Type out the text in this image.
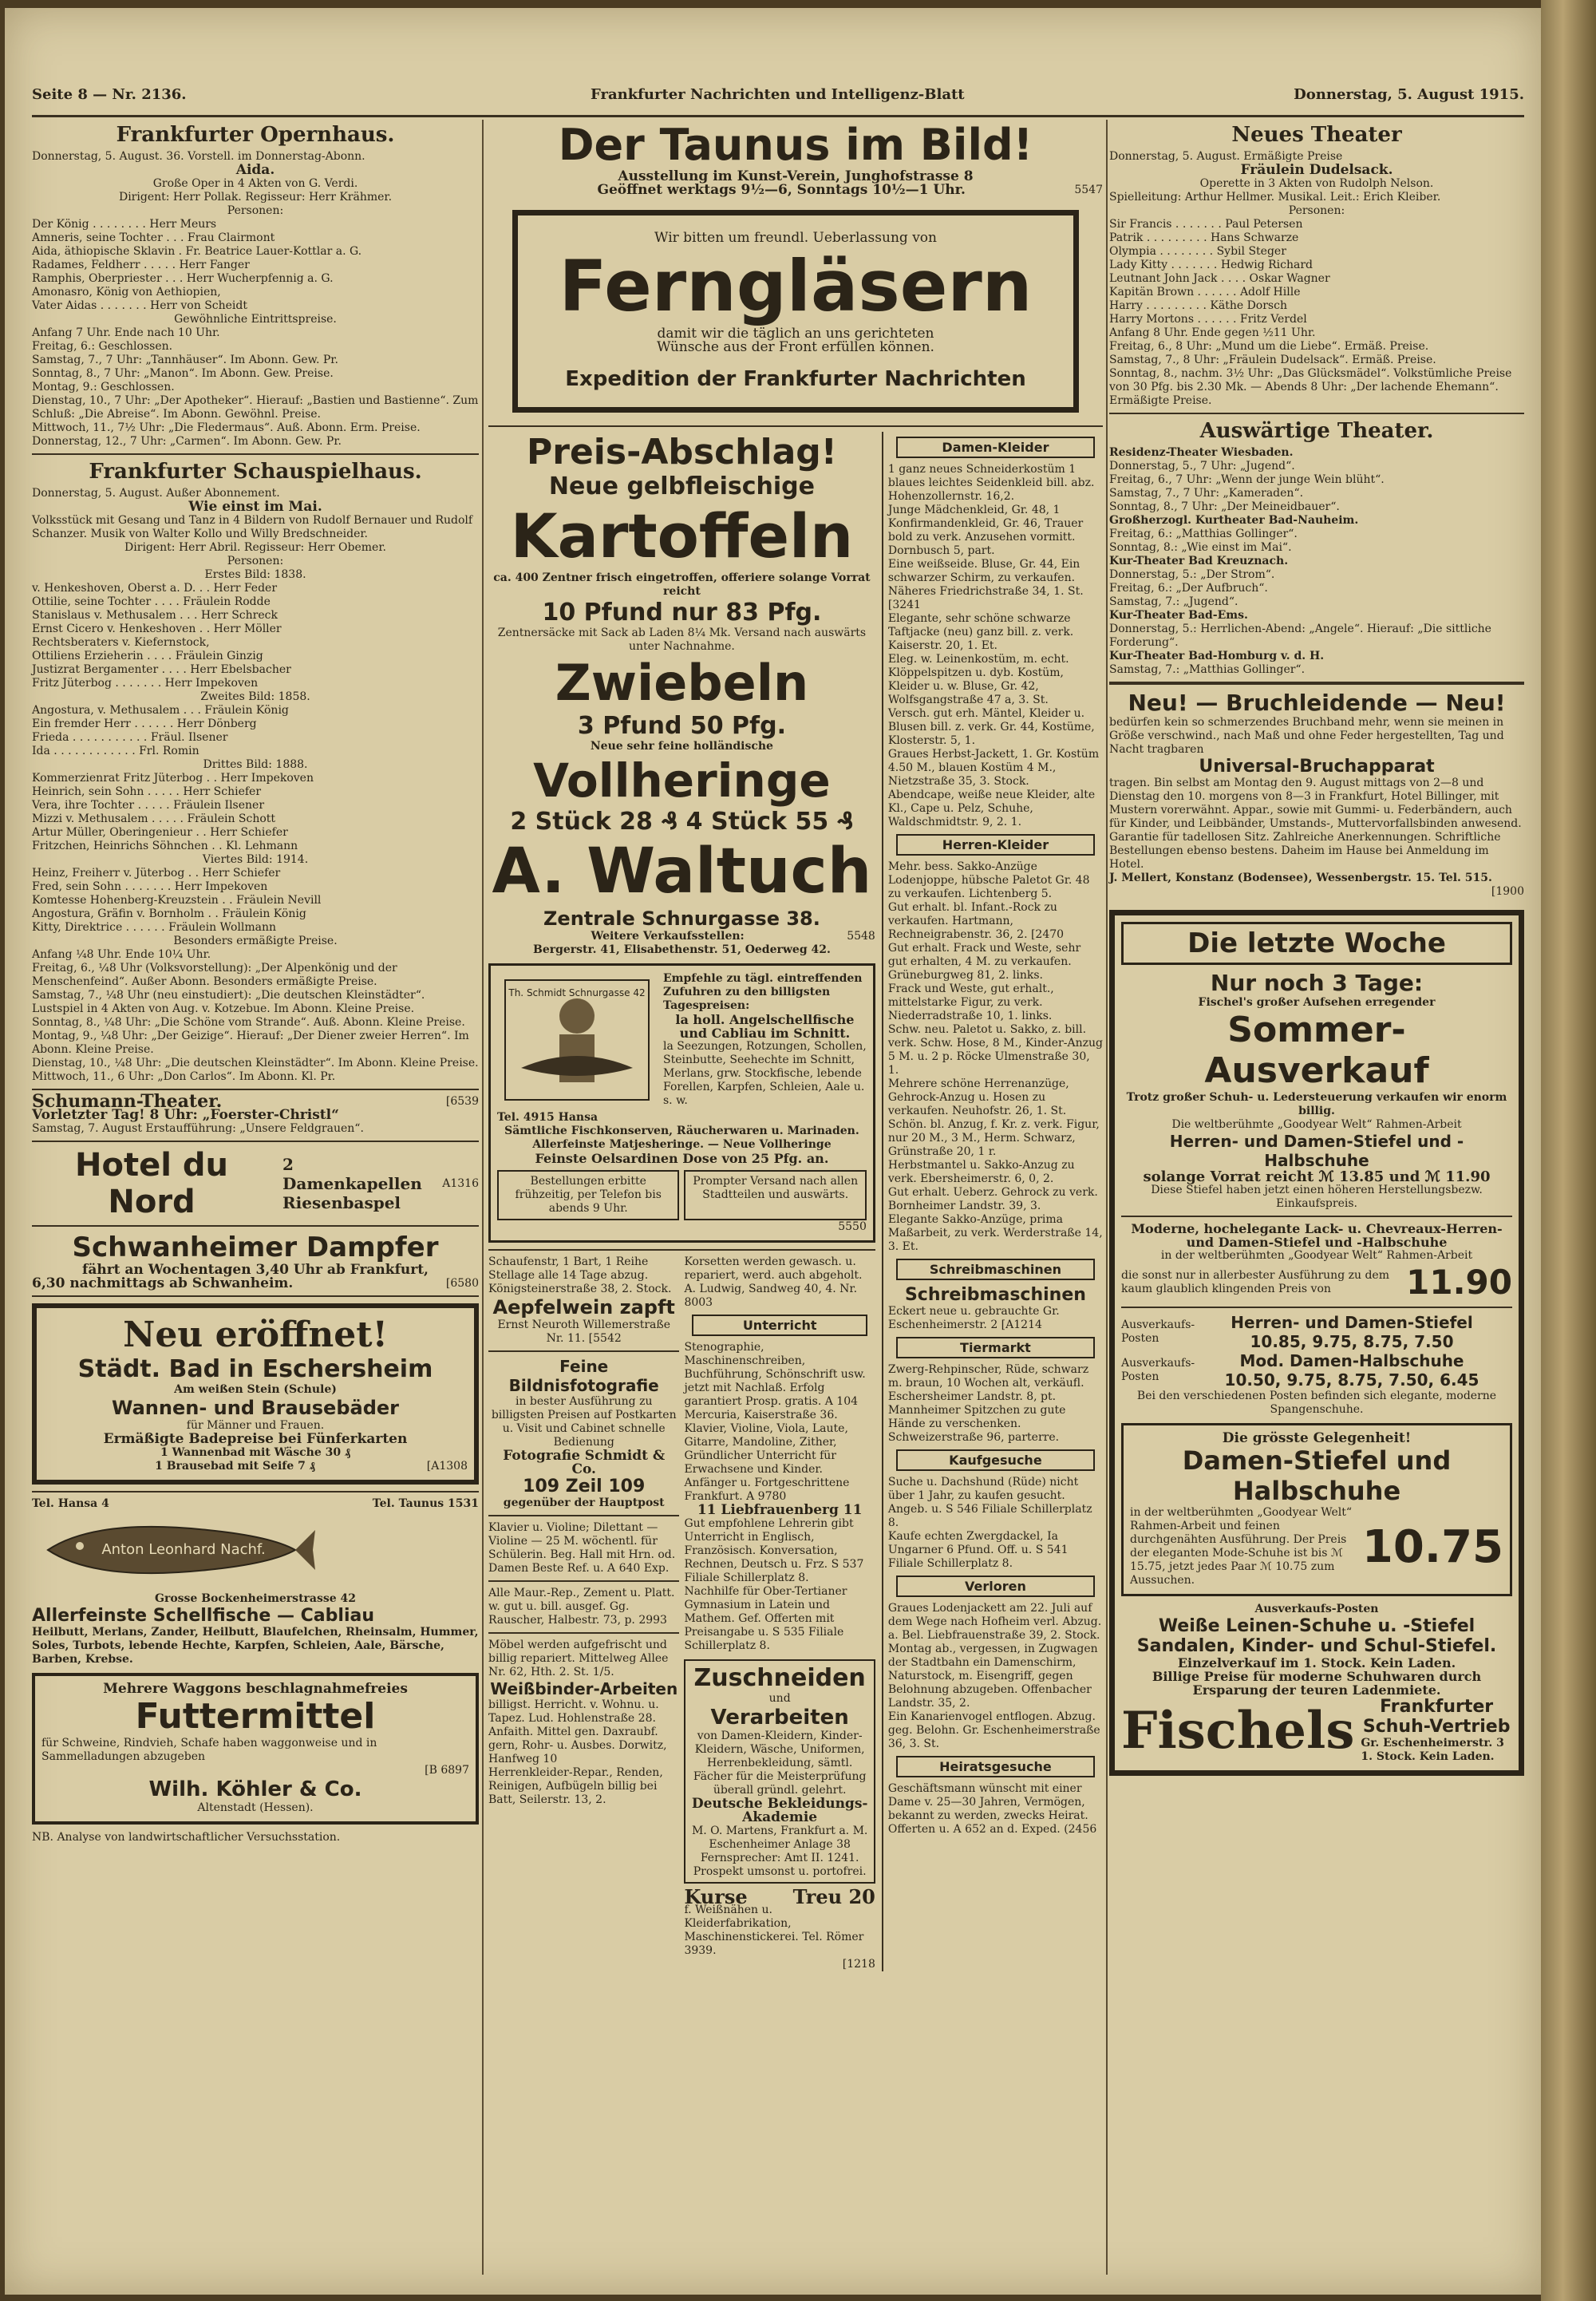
Seite 8 — Nr. 2136.	Frankfurter Nachrichten und Intelligenz-Blatt	Donnerstag, 5. August 1915.
Frankfurter Opernhaus.
Donnerstag, 5. August. 36. Vorstell. im Donnerstag-Abonn.
Aida.
Große Oper in 4 Akten von G. Verdi.
Dirigent: Herr Pollak. Regisseur: Herr Krähmer.
Personen:
Der König . . . . . . . . Herr Meurs
Amneris, seine Tochter . . . Frau Clairmont
Aida, äthiopische Sklavin . Fr. Beatrice Lauer-Kottlar a. G.
Radames, Feldherr . . . . . Herr Fanger
Ramphis, Oberpriester . . . Herr Wucherpfennig a. G.
Amonasro, König von Aethiopien,
Vater Aidas . . . . . . . Herr von Scheidt
Gewöhnliche Eintrittspreise.
Anfang 7 Uhr. Ende nach 10 Uhr.
Freitag, 6.: Geschlossen.
Samstag, 7., 7 Uhr: „Tannhäuser“. Im Abonn. Gew. Pr.
Sonntag, 8., 7 Uhr: „Manon“. Im Abonn. Gew. Preise.
Montag, 9.: Geschlossen.
Dienstag, 10., 7 Uhr: „Der Apotheker“. Hierauf: „Bastien und Bastienne“. Zum Schluß: „Die Abreise“. Im Abonn. Gewöhnl. Preise.
Mittwoch, 11., 7½ Uhr: „Die Fledermaus“. Auß. Abonn. Erm. Preise.
Donnerstag, 12., 7 Uhr: „Carmen“. Im Abonn. Gew. Pr.
Frankfurter Schauspielhaus.
Donnerstag, 5. August. Außer Abonnement.
Wie einst im Mai.
Volksstück mit Gesang und Tanz in 4 Bildern von Rudolf Bernauer und Rudolf Schanzer. Musik von Walter Kollo und Willy Bredschneider.
Dirigent: Herr Abril. Regisseur: Herr Obemer.
Personen:
Erstes Bild: 1838.
v. Henkeshoven, Oberst a. D. . . Herr Feder
Ottilie, seine Tochter . . . . Fräulein Rodde
Stanislaus v. Methusalem . . . Herr Schreck
Ernst Cicero v. Henkeshoven . . Herr Möller
Rechtsberaters v. Kiefernstock,
Ottiliens Erzieherin . . . . Fräulein Ginzig
Justizrat Bergamenter . . . . Herr Ebelsbacher
Fritz Jüterbog . . . . . . . Herr Impekoven
Zweites Bild: 1858.
Angostura, v. Methusalem . . . Fräulein König
Ein fremder Herr . . . . . . Herr Dönberg
Frieda . . . . . . . . . . . Fräul. Ilsener
Ida . . . . . . . . . . . . Frl. Romin
Drittes Bild: 1888.
Kommerzienrat Fritz Jüterbog . . Herr Impekoven
Heinrich, sein Sohn . . . . . Herr Schiefer
Vera, ihre Tochter . . . . . Fräulein Ilsener
Mizzi v. Methusalem . . . . . Fräulein Schott
Artur Müller, Oberingenieur . . Herr Schiefer
Fritzchen, Heinrichs Söhnchen . . Kl. Lehmann
Viertes Bild: 1914.
Heinz, Freiherr v. Jüterbog . . Herr Schiefer
Fred, sein Sohn . . . . . . . Herr Impekoven
Komtesse Hohenberg-Kreuzstein . . Fräulein Nevill
Angostura, Gräfin v. Bornholm . . Fräulein König
Kitty, Direktrice . . . . . . Fräulein Wollmann
Besonders ermäßigte Preise.
Anfang ¼8 Uhr. Ende 10¼ Uhr.
Freitag, 6., ¼8 Uhr (Volksvorstellung): „Der Alpenkönig und der Menschenfeind“. Außer Abonn. Besonders ermäßigte Preise.
Samstag, 7., ¼8 Uhr (neu einstudiert): „Die deutschen Kleinstädter“. Lustspiel in 4 Akten von Aug. v. Kotzebue. Im Abonn. Kleine Preise.
Sonntag, 8., ¼8 Uhr: „Die Schöne vom Strande“. Auß. Abonn. Kleine Preise.
Montag, 9., ¼8 Uhr: „Der Geizige“. Hierauf: „Der Diener zweier Herren“. Im Abonn. Kleine Preise.
Dienstag, 10., ¼8 Uhr: „Die deutschen Kleinstädter“. Im Abonn. Kleine Preise.
Mittwoch, 11., 6 Uhr: „Don Carlos“. Im Abonn. Kl. Pr.
Schumann-Theater.	[6539
Vorletzter Tag! 8 Uhr: „Foerster-Christl“
Samstag, 7. August Erstaufführung: „Unsere Feldgrauen“.
Hotel du Nord
2 Damenkapellen
Riesenbaspel
A1316
Schwanheimer Dampfer
fährt an Wochentagen 3,40 Uhr ab Frankfurt,
6,30 nachmittags ab Schwanheim.	[6580
Neu eröffnet!
Städt. Bad in Eschersheim
Am weißen Stein (Schule)
Wannen- und Brausebäder
für Männer und Frauen.
Ermäßigte Badepreise bei Fünferkarten
1 Wannenbad mit Wäsche 30 ₰
1 Brausebad mit Seife 7 ₰	[A1308
Tel. Hansa 4	Tel. Taunus 1531
Anton Leonhard Nachf.
Grosse Bockenheimerstrasse 42
Allerfeinste Schellfische — Cabliau
Heilbutt, Merlans, Zander, Heilbutt, Blaufelchen, Rheinsalm, Hummer, Soles, Turbots, lebende Hechte, Karpfen, Schleien, Aale, Bärsche, Barben, Krebse.
Mehrere Waggons beschlagnahmefreies
Futtermittel
für Schweine, Rindvieh, Schafe haben waggonweise und in Sammelladungen abzugeben
[B 6897
Wilh. Köhler & Co.
Altenstadt (Hessen).
NB. Analyse von landwirtschaftlicher Versuchsstation.
Der Taunus im Bild!
Ausstellung im Kunst-Verein, Junghofstrasse 8
Geöffnet werktags 9½—6, Sonntags 10½—1 Uhr.	5547
Wir bitten um freundl. Ueberlassung von
Ferngläsern
damit wir die täglich an uns gerichteten
Wünsche aus der Front erfüllen können.
Expedition der Frankfurter Nachrichten
Preis-Abschlag!
Neue gelbfleischige
Kartoffeln
ca. 400 Zentner frisch eingetroffen, offeriere solange Vorrat reicht
10 Pfund nur 83 Pfg.
Zentnersäcke mit Sack ab Laden 8¼ Mk. Versand nach auswärts unter Nachnahme.
Zwiebeln
3 Pfund 50 Pfg.
Neue sehr feine holländische
Vollheringe
2 Stück 28 ₰ 4 Stück 55 ₰
A. Waltuch
Zentrale Schnurgasse 38.
Weitere Verkaufsstellen:	5548
Bergerstr. 41, Elisabethenstr. 51, Oederweg 42.
Th. Schmidt Schnurgasse 42
Tel. 4915 Hansa
Empfehle zu tägl. eintreffenden Zufuhren zu den billigsten Tagespreisen:
la holl. Angelschellfische und Cabliau im Schnitt.
la Seezungen, Rotzungen, Schollen, Steinbutte, Seehechte im Schnitt, Merlans, grw. Stockfische, lebende Forellen, Karpfen, Schleien, Aale u. s. w.
Sämtliche Fischkonserven, Räucherwaren u. Marinaden.
Allerfeinste Matjesheringe. — Neue Vollheringe
Feinste Oelsardinen Dose von 25 Pfg. an.
Bestellungen erbitte frühzeitig, per Telefon bis abends 9 Uhr.
Prompter Versand nach allen Stadtteilen und auswärts.
5550
Schaufenstr, 1 Bart, 1 Reihe Stellage alle 14 Tage abzug. Königsteinerstraße 38, 2. Stock.
Aepfelwein zapft
Ernst Neuroth Willemerstraße Nr. 11. [5542
Feine Bildnisfotografie
in bester Ausführung zu billigsten Preisen auf Postkarten u. Visit und Cabinet schnelle Bedienung
Fotografie Schmidt & Co.
109 Zeil 109
gegenüber der Hauptpost
Klavier u. Violine; Dilettant — Violine — 25 M. wöchentl. für Schülerin. Beg. Hall mit Hrn. od. Damen Beste Ref. u. A 640 Exp.
Alle Maur.-Rep., Zement u. Platt. w. gut u. bill. ausgef. Gg. Rauscher, Halbestr. 73, p. 2993
Möbel werden aufgefrischt und billig repariert. Mittelweg Allee Nr. 62, Hth. 2. St. 1/5.
Weißbinder-Arbeiten
billigst. Herricht. v. Wohnu. u. Tapez. Lud. Hohlenstraße 28.
Anfaith. Mittel gen. Daxraubf. gern, Rohr- u. Ausbes. Dorwitz, Hanfweg 10
Herrenkleider-Repar., Renden, Reinigen, Aufbügeln billig bei Batt, Seilerstr. 13, 2.
Korsetten werden gewasch. u. repariert, werd. auch abgeholt. A. Ludwig, Sandweg 40, 4. Nr. 8003
Unterricht
Stenographie, Maschinenschreiben, Buchführung, Schönschrift usw. jetzt mit Nachlaß. Erfolg garantiert Prosp. gratis. A 104 Mercuria, Kaiserstraße 36.
Klavier, Violine, Viola, Laute, Gitarre, Mandoline, Zither, Gründlicher Unterricht für Erwachsene und Kinder. Anfänger u. Fortgeschrittene Frankfurt. A 9780
11 Liebfrauenberg 11
Gut empfohlene Lehrerin gibt Unterricht in Englisch, Französisch. Konversation, Rechnen, Deutsch u. Frz. S 537 Filiale Schillerplatz 8.
Nachhilfe für Ober-Tertianer Gymnasium in Latein und Mathem. Gef. Offerten mit Preisangabe u. S 535 Filiale Schillerplatz 8.
Zuschneiden
und
Verarbeiten
von Damen-Kleidern, Kinder-Kleidern, Wäsche, Uniformen, Herrenbekleidung, sämtl. Fächer für die Meisterprüfung überall gründl. gelehrt.
Deutsche Bekleidungs-Akademie
M. O. Martens, Frankfurt a. M. Eschenheimer Anlage 38
Fernsprecher: Amt II. 1241. Prospekt umsonst u. portofrei.
Kurse Treu 20
f. Weißnähen u. Kleiderfabrikation, Maschinenstickerei. Tel. Römer 3939.
[1218
Damen-Kleider
1 ganz neues Schneiderkostüm 1 blaues leichtes Seidenkleid bill. abz. Hohenzollernstr. 16,2.
Junge Mädchenkleid, Gr. 48, 1 Konfirmandenkleid, Gr. 46, Trauer bold zu verk. Anzusehen vormitt. Dornbusch 5, part.
Eine weißseide. Bluse, Gr. 44, Ein schwarzer Schirm, zu verkaufen. Näheres Friedrichstraße 34, 1. St. [3241
Elegante, sehr schöne schwarze Taftjacke (neu) ganz bill. z. verk. Kaiserstr. 20, 1. Et.
Eleg. w. Leinenkostüm, m. echt. Klöppelspitzen u. dyb. Kostüm, Kleider u. w. Bluse, Gr. 42, Wolfsgangstraße 47 a, 3. St.
Versch. gut erh. Mäntel, Kleider u. Blusen bill. z. verk. Gr. 44, Kostüme, Klosterstr. 5, 1.
Graues Herbst-Jackett, 1. Gr. Kostüm 4.50 M., blauen Kostüm 4 M., Nietzstraße 35, 3. Stock.
Abendcape, weiße neue Kleider, alte Kl., Cape u. Pelz, Schuhe, Waldschmidtstr. 9, 2. 1.
Herren-Kleider
Mehr. bess. Sakko-Anzüge Lodenjoppe, hübsche Paletot Gr. 48 zu verkaufen. Lichtenberg 5.
Gut erhalt. bl. Infant.-Rock zu verkaufen. Hartmann, Rechneigrabenstr. 36, 2. [2470
Gut erhalt. Frack und Weste, sehr gut erhalten, 4 M. zu verkaufen. Grüneburgweg 81, 2. links.
Frack und Weste, gut erhalt., mittelstarke Figur, zu verk. Niederradstraße 10, 1. links.
Schw. neu. Paletot u. Sakko, z. bill. verk. Schw. Hose, 8 M., Kinder-Anzug 5 M. u. 2 p. Röcke Ulmenstraße 30, 1.
Mehrere schöne Herrenanzüge, Gehrock-Anzug u. Hosen zu verkaufen. Neuhofstr. 26, 1. St.
Schön. bl. Anzug, f. Kr. z. verk. Figur, nur 20 M., 3 M., Herm. Schwarz, Grünstraße 20, 1 r.
Herbstmantel u. Sakko-Anzug zu verk. Ebersheimerstr. 6, 0, 2.
Gut erhalt. Ueberz. Gehrock zu verk. Bornheimer Landstr. 39, 3.
Elegante Sakko-Anzüge, prima Maßarbeit, zu verk. Werderstraße 14, 3. Et.
Schreibmaschinen
Schreibmaschinen
Eckert neue u. gebrauchte Gr. Eschenheimerstr. 2 [A1214
Tiermarkt
Zwerg-Rehpinscher, Rüde, schwarz m. braun, 10 Wochen alt, verkäufl. Eschersheimer Landstr. 8, pt.
Mannheimer Spitzchen zu gute Hände zu verschenken. Schweizerstraße 96, parterre.
Kaufgesuche
Suche u. Dachshund (Rüde) nicht über 1 Jahr, zu kaufen gesucht. Angeb. u. S 546 Filiale Schillerplatz 8.
Kaufe echten Zwergdackel, Ia Ungarner 6 Pfund. Off. u. S 541 Filiale Schillerplatz 8.
Verloren
Graues Lodenjackett am 22. Juli auf dem Wege nach Hofheim verl. Abzug. a. Bel. Liebfrauenstraße 39, 2. Stock.
Montag ab., vergessen, in Zugwagen der Stadtbahn ein Damenschirm, Naturstock, m. Eisengriff, gegen Belohnung abzugeben. Offenbacher Landstr. 35, 2.
Ein Kanarienvogel entflogen. Abzug. geg. Belohn. Gr. Eschenheimerstraße 36, 3. St.
Heiratsgesuche
Geschäftsmann wünscht mit einer Dame v. 25—30 Jahren, Vermögen, bekannt zu werden, zwecks Heirat. Offerten u. A 652 an d. Exped. (2456
Neues Theater
Donnerstag, 5. August. Ermäßigte Preise
Fräulein Dudelsack.
Operette in 3 Akten von Rudolph Nelson.
Spielleitung: Arthur Hellmer. Musikal. Leit.: Erich Kleiber.
Personen:
Sir Francis . . . . . . . Paul Petersen
Patrik . . . . . . . . . Hans Schwarze
Olympia . . . . . . . . Sybil Steger
Lady Kitty . . . . . . . Hedwig Richard
Leutnant John Jack . . . . Oskar Wagner
Kapitän Brown . . . . . . Adolf Hille
Harry . . . . . . . . . Käthe Dorsch
Harry Mortons . . . . . . Fritz Verdel
Anfang 8 Uhr. Ende gegen ½11 Uhr.
Freitag, 6., 8 Uhr: „Mund um die Liebe“. Ermäß. Preise.
Samstag, 7., 8 Uhr: „Fräulein Dudelsack“. Ermäß. Preise.
Sonntag, 8., nachm. 3½ Uhr: „Das Glücksmädel“. Volkstümliche Preise von 30 Pfg. bis 2.30 Mk. — Abends 8 Uhr: „Der lachende Ehemann“. Ermäßigte Preise.
Auswärtige Theater.
Residenz-Theater Wiesbaden.
Donnerstag, 5., 7 Uhr: „Jugend“.
Freitag, 6., 7 Uhr: „Wenn der junge Wein blüht“.
Samstag, 7., 7 Uhr: „Kameraden“.
Sonntag, 8., 7 Uhr: „Der Meineidbauer“.
Großherzogl. Kurtheater Bad-Nauheim.
Freitag, 6.: „Matthias Gollinger“.
Sonntag, 8.: „Wie einst im Mai“.
Kur-Theater Bad Kreuznach.
Donnerstag, 5.: „Der Strom“.
Freitag, 6.: „Der Aufbruch“.
Samstag, 7.: „Jugend“.
Kur-Theater Bad-Ems.
Donnerstag, 5.: Herrlichen-Abend: „Angele“. Hierauf: „Die sittliche Forderung“.
Kur-Theater Bad-Homburg v. d. H.
Samstag, 7.: „Matthias Gollinger“.
Neu! — Bruchleidende — Neu!
bedürfen kein so schmerzendes Bruchband mehr, wenn sie meinen in Größe verschwind., nach Maß und ohne Feder hergestellten, Tag und Nacht tragbaren
Universal-Bruchapparat
tragen. Bin selbst am Montag den 9. August mittags von 2—8 und Dienstag den 10. morgens von 8—3 in Frankfurt, Hotel Billinger, mit Mustern vorerwähnt. Appar., sowie mit Gummi- u. Federbändern, auch für Kinder, und Leibbänder, Umstands-, Muttervorfallsbinden anwesend. Garantie für tadellosen Sitz. Zahlreiche Anerkennungen. Schriftliche Bestellungen ebenso bestens. Daheim im Hause bei Anmeldung im Hotel.
J. Mellert, Konstanz (Bodensee), Wessenbergstr. 15. Tel. 515.
[1900
Die letzte Woche
Nur noch 3 Tage:
Fischel's großer Aufsehen erregender
Sommer-Ausverkauf
Trotz großer Schuh- u. Ledersteuerung verkaufen wir enorm billig.
Die weltberühmte „Goodyear Welt“ Rahmen-Arbeit
Herren- und Damen-Stiefel und -Halbschuhe
solange Vorrat reicht ℳ 13.85 und ℳ 11.90
Diese Stiefel haben jetzt einen höheren Herstellungsbezw. Einkaufspreis.
Moderne, hochelegante Lack- u. Chevreaux-Herren- und Damen-Stiefel und -Halbschuhe
in der weltberühmten „Goodyear Welt“ Rahmen-Arbeit
die sonst nur in allerbester Ausführung zu dem kaum glaublich klingenden Preis von	11.90
Ausverkaufs-Posten
Herren- und Damen-Stiefel
10.85, 9.75, 8.75, 7.50
Ausverkaufs-Posten
Mod. Damen-Halbschuhe
10.50, 9.75, 8.75, 7.50, 6.45
Bei den verschiedenen Posten befinden sich elegante, moderne Spangenschuhe.
Die grösste Gelegenheit!
Damen-Stiefel und Halbschuhe
in der weltberühmten „Goodyear Welt“ Rahmen-Arbeit und feinen durchgenähten Ausführung. Der Preis der eleganten Mode-Schuhe ist bis ℳ 15.75, jetzt jedes Paar ℳ 10.75 zum Aussuchen.
10.75
Ausverkaufs-Posten
Weiße Leinen-Schuhe u. -Stiefel
Sandalen, Kinder- und Schul-Stiefel.
Einzelverkauf im 1. Stock. Kein Laden.
Billige Preise für moderne Schuhwaren durch Ersparung der teuren Ladenmiete.
Fischels	Frankfurter Schuh-Vertrieb
Gr. Eschenheimerstr. 3
1. Stock. Kein Laden.
